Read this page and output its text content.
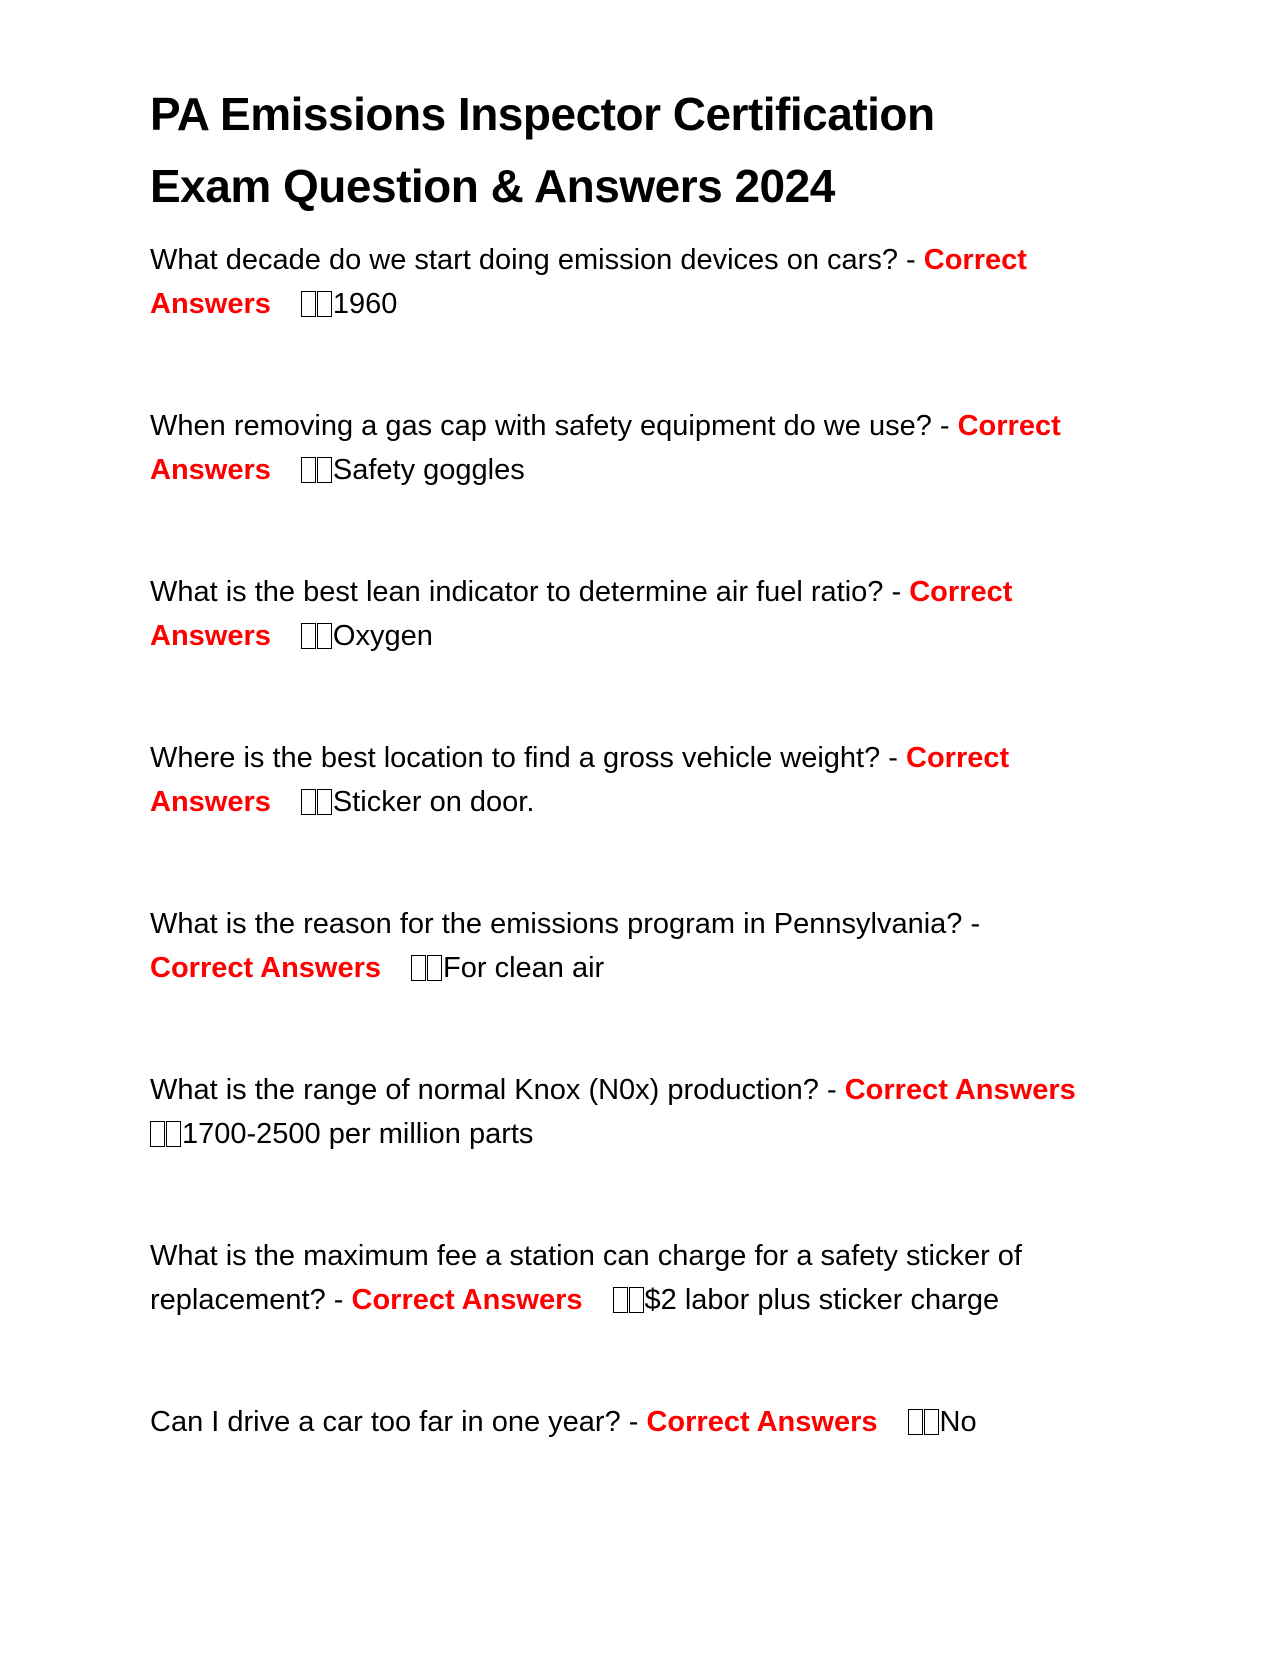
PA Emissions Inspector Certification
Exam Question & Answers 2024
What decade do we start doing emission devices on cars? - Correct
Answers 1960
When removing a gas cap with safety equipment do we use? - Correct
Answers Safety goggles
What is the best lean indicator to determine air fuel ratio? - Correct
Answers Oxygen
Where is the best location to find a gross vehicle weight? - Correct
Answers Sticker on door.
What is the reason for the emissions program in Pennsylvania? -
Correct Answers For clean air
What is the range of normal Knox (N0x) production? - Correct Answers
1700-2500 per million parts
What is the maximum fee a station can charge for a safety sticker of replacement? - Correct Answers $2 labor plus sticker charge
Can I drive a car too far in one year? - Correct Answers No
